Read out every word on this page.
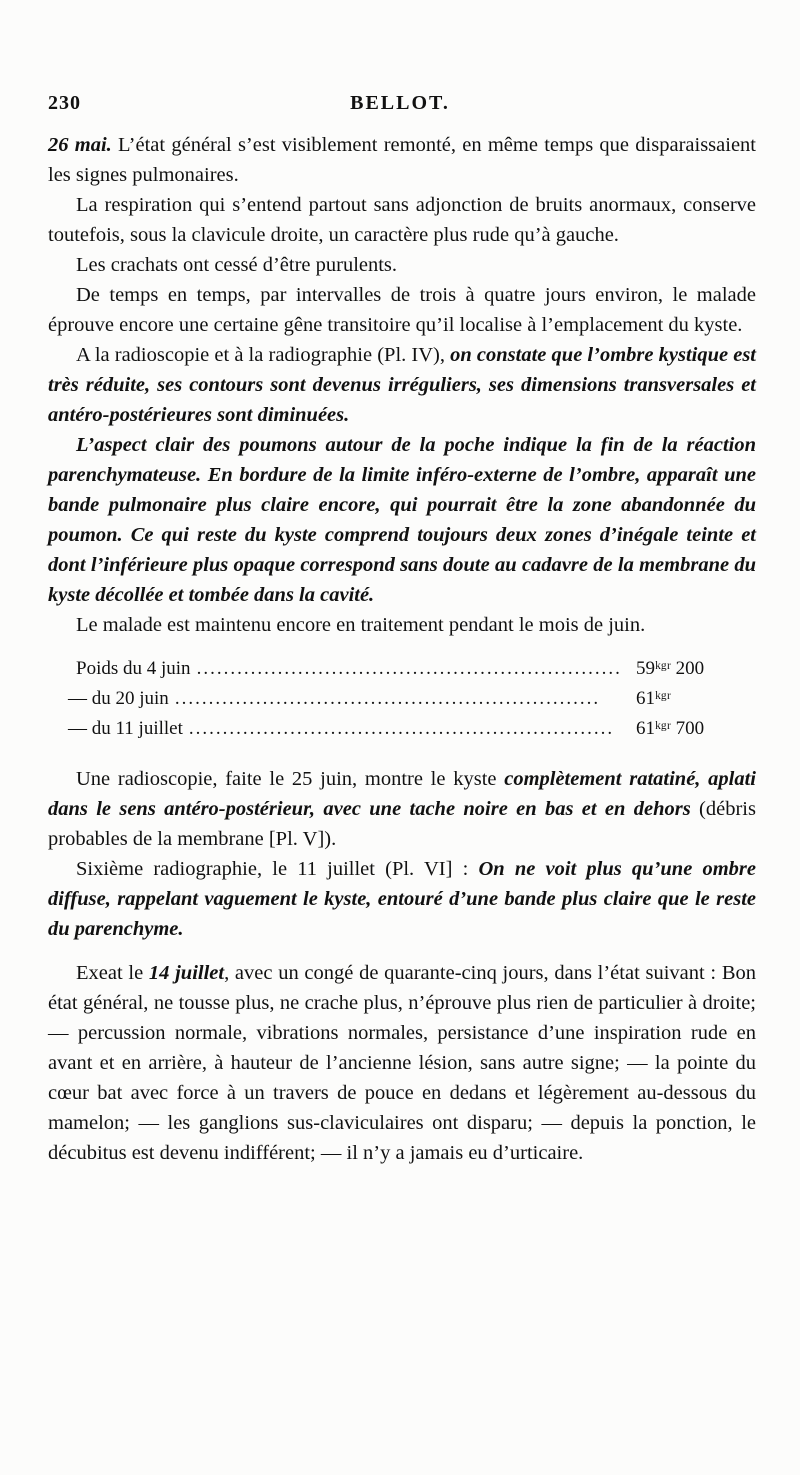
230	BELLOT.

26 mai. L’état général s’est visiblement remonté, en même temps que disparaissaient les signes pulmonaires.

La respiration qui s’entend partout sans adjonction de bruits anormaux, conserve toutefois, sous la clavicule droite, un caractère plus rude qu’à gauche.

Les crachats ont cessé d’être purulents.

De temps en temps, par intervalles de trois à quatre jours environ, le malade éprouve encore une certaine gêne transitoire qu’il localise à l’emplacement du kyste.

A la radioscopie et à la radiographie (Pl. IV), on constate que l’ombre kystique est très réduite, ses contours sont devenus irréguliers, ses dimensions transversales et antéro-postérieures sont diminuées.

L’aspect clair des poumons autour de la poche indique la fin de la réaction parenchymateuse. En bordure de la limite inféro-externe de l’ombre, apparaît une bande pulmonaire plus claire encore, qui pourrait être la zone abandonnée du poumon. Ce qui reste du kyste comprend toujours deux zones d’inégale teinte et dont l’inférieure plus opaque correspond sans doute au cadavre de la membrane du kyste décollée et tombée dans la cavité.

Le malade est maintenu encore en traitement pendant le mois de juin.

Poids du 4 juin ............................................................... 59ᵏᵍʳ 200
— du 20 juin ...............................................................	61ᵏᵍʳ
— du 11 juillet ...............................................................	61ᵏᵍʳ 700

Une radioscopie, faite le 25 juin, montre le kyste complètement ratatiné, aplati dans le sens antéro-postérieur, avec une tache noire en bas et en dehors (débris probables de la membrane [Pl. V]).

Sixième radiographie, le 11 juillet (Pl. VI] : On ne voit plus qu’une ombre diffuse, rappelant vaguement le kyste, entouré d’une bande plus claire que le reste du parenchyme.

Exeat le 14 juillet, avec un congé de quarante-cinq jours, dans l’état suivant : Bon état général, ne tousse plus, ne crache plus, n’éprouve plus rien de particulier à droite; — percussion normale, vibrations normales, persistance d’une inspiration rude en avant et en arrière, à hauteur de l’ancienne lésion, sans autre signe; — la pointe du cœur bat avec force à un travers de pouce en dedans et légèrement au-dessous du mamelon; — les ganglions sus-claviculaires ont disparu; — depuis la ponction, le décubitus est devenu indifférent; — il n’y a jamais eu d’urticaire.
